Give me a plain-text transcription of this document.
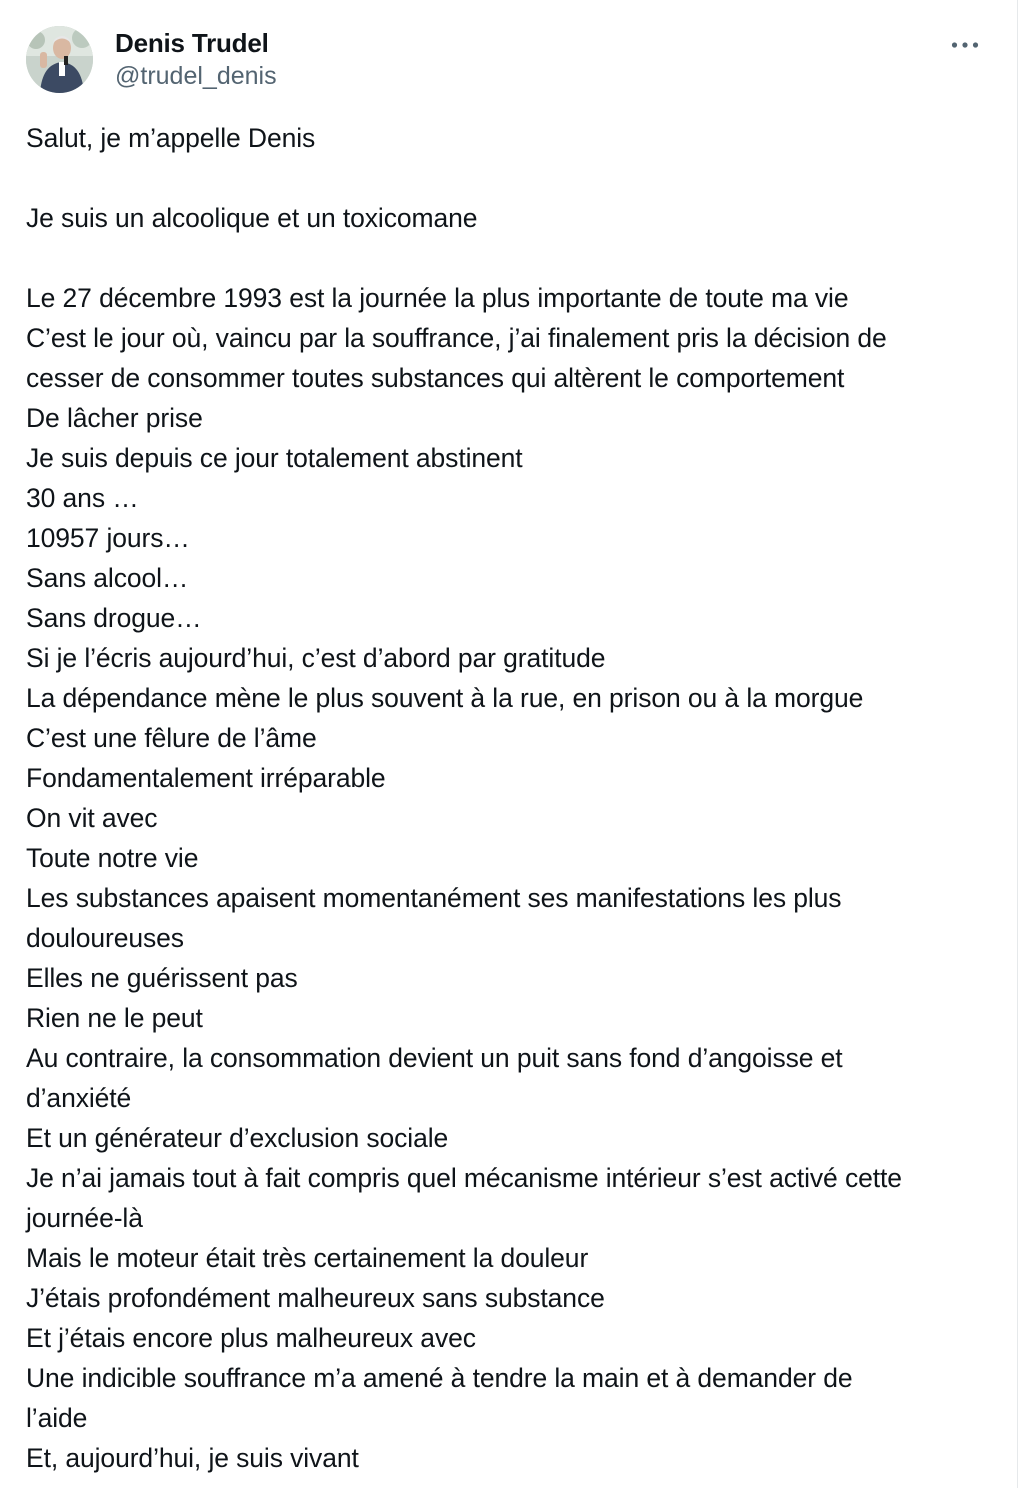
Denis Trudel
@trudel_denis
Salut, je m’appelle Denis
Je suis un alcoolique et un toxicomane
Le 27 décembre 1993 est la journée la plus importante de toute ma vie
C’est le jour où, vaincu par la souffrance, j’ai finalement pris la décision de
cesser de consommer toutes substances qui altèrent le comportement
De lâcher prise
Je suis depuis ce jour totalement abstinent
30 ans …
10957 jours…
Sans alcool…
Sans drogue…
Si je l’écris aujourd’hui, c’est d’abord par gratitude
La dépendance mène le plus souvent à la rue, en prison ou à la morgue
C’est une fêlure de l’âme
Fondamentalement irréparable
On vit avec
Toute notre vie
Les substances apaisent momentanément ses manifestations les plus
douloureuses
Elles ne guérissent pas
Rien ne le peut
Au contraire, la consommation devient un puit sans fond d’angoisse et
d’anxiété
Et un générateur d’exclusion sociale
Je n’ai jamais tout à fait compris quel mécanisme intérieur s’est activé cette
journée-là
Mais le moteur était très certainement la douleur
J’étais profondément malheureux sans substance
Et j’étais encore plus malheureux avec
Une indicible souffrance m’a amené à tendre la main et à demander de
l’aide
Et, aujourd’hui, je suis vivant
